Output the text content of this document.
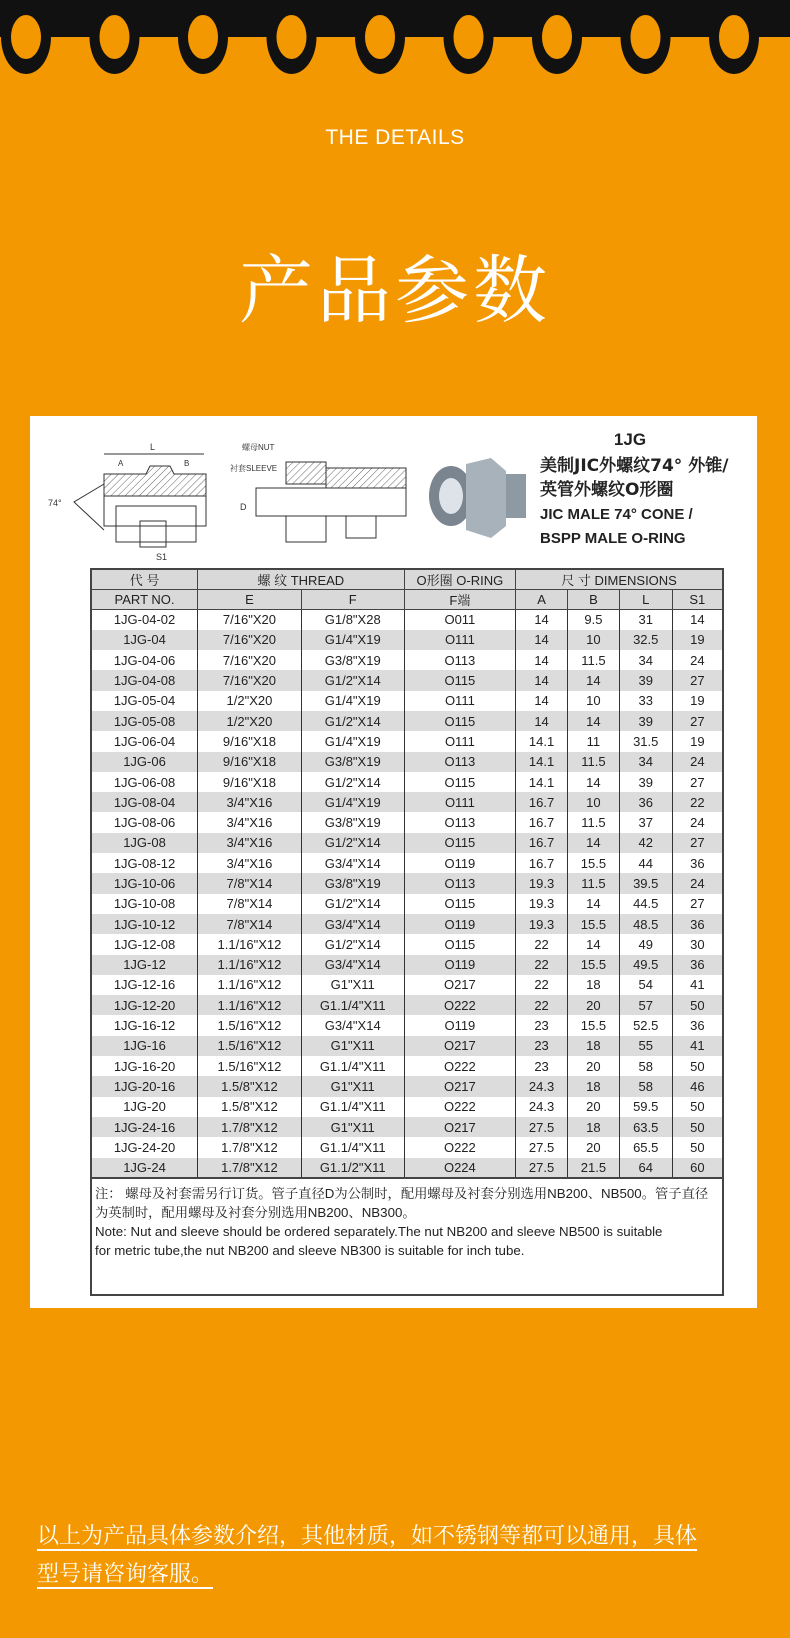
THE DETAILS
产品参数
L
A	B
74°
S1
螺母NUT
衬套SLEEVE
D
1JG
美制JIC外螺纹74° 外锥/
英管外螺纹O形圈
JIC MALE 74° CONE /
BSPP MALE O-RING
代 号	螺 纹 THREAD		O形圈 O-RING	尺 寸 DIMENSIONS			
PART NO.	E	F	F端	A	B	L	S1
1JG-04-02	7/16"X20	G1/8"X28	O011	14	9.5	31	14
1JG-04	7/16"X20	G1/4"X19	O111	14	10	32.5	19
1JG-04-06	7/16"X20	G3/8"X19	O113	14	11.5	34	24
1JG-04-08	7/16"X20	G1/2"X14	O115	14	14	39	27
1JG-05-04	1/2"X20	G1/4"X19	O111	14	10	33	19
1JG-05-08	1/2"X20	G1/2"X14	O115	14	14	39	27
1JG-06-04	9/16"X18	G1/4"X19	O111	14.1	11	31.5	19
1JG-06	9/16"X18	G3/8"X19	O113	14.1	11.5	34	24
1JG-06-08	9/16"X18	G1/2"X14	O115	14.1	14	39	27
1JG-08-04	3/4"X16	G1/4"X19	O111	16.7	10	36	22
1JG-08-06	3/4"X16	G3/8"X19	O113	16.7	11.5	37	24
1JG-08	3/4"X16	G1/2"X14	O115	16.7	14	42	27
1JG-08-12	3/4"X16	G3/4"X14	O119	16.7	15.5	44	36
1JG-10-06	7/8"X14	G3/8"X19	O113	19.3	11.5	39.5	24
1JG-10-08	7/8"X14	G1/2"X14	O115	19.3	14	44.5	27
1JG-10-12	7/8"X14	G3/4"X14	O119	19.3	15.5	48.5	36
1JG-12-08	1.1/16"X12	G1/2"X14	O115	22	14	49	30
1JG-12	1.1/16"X12	G3/4"X14	O119	22	15.5	49.5	36
1JG-12-16	1.1/16"X12	G1"X11	O217	22	18	54	41
1JG-12-20	1.1/16"X12	G1.1/4"X11	O222	22	20	57	50
1JG-16-12	1.5/16"X12	G3/4"X14	O119	23	15.5	52.5	36
1JG-16	1.5/16"X12	G1"X11	O217	23	18	55	41
1JG-16-20	1.5/16"X12	G1.1/4"X11	O222	23	20	58	50
1JG-20-16	1.5/8"X12	G1"X11	O217	24.3	18	58	46
1JG-20	1.5/8"X12	G1.1/4"X11	O222	24.3	20	59.5	50
1JG-24-16	1.7/8"X12	G1"X11	O217	27.5	18	63.5	50
1JG-24-20	1.7/8"X12	G1.1/4"X11	O222	27.5	20	65.5	50
1JG-24	1.7/8"X12	G1.1/2"X11	O224	27.5	21.5	64	60
注： 螺母及衬套需另行订货。管子直径D为公制时，配用螺母及衬套分别选用NB200、NB500。管子直径为英制时，配用螺母及衬套分别选用NB200、NB300。
Note: Nut and sleeve should be ordered separately.The nut NB200 and sleeve NB500 is suitable
for metric tube,the nut NB200 and sleeve NB300 is suitable for inch tube.
以上为产品具体参数介绍，其他材质，如不锈钢等都可以通用，具体
型号请咨询客服。
